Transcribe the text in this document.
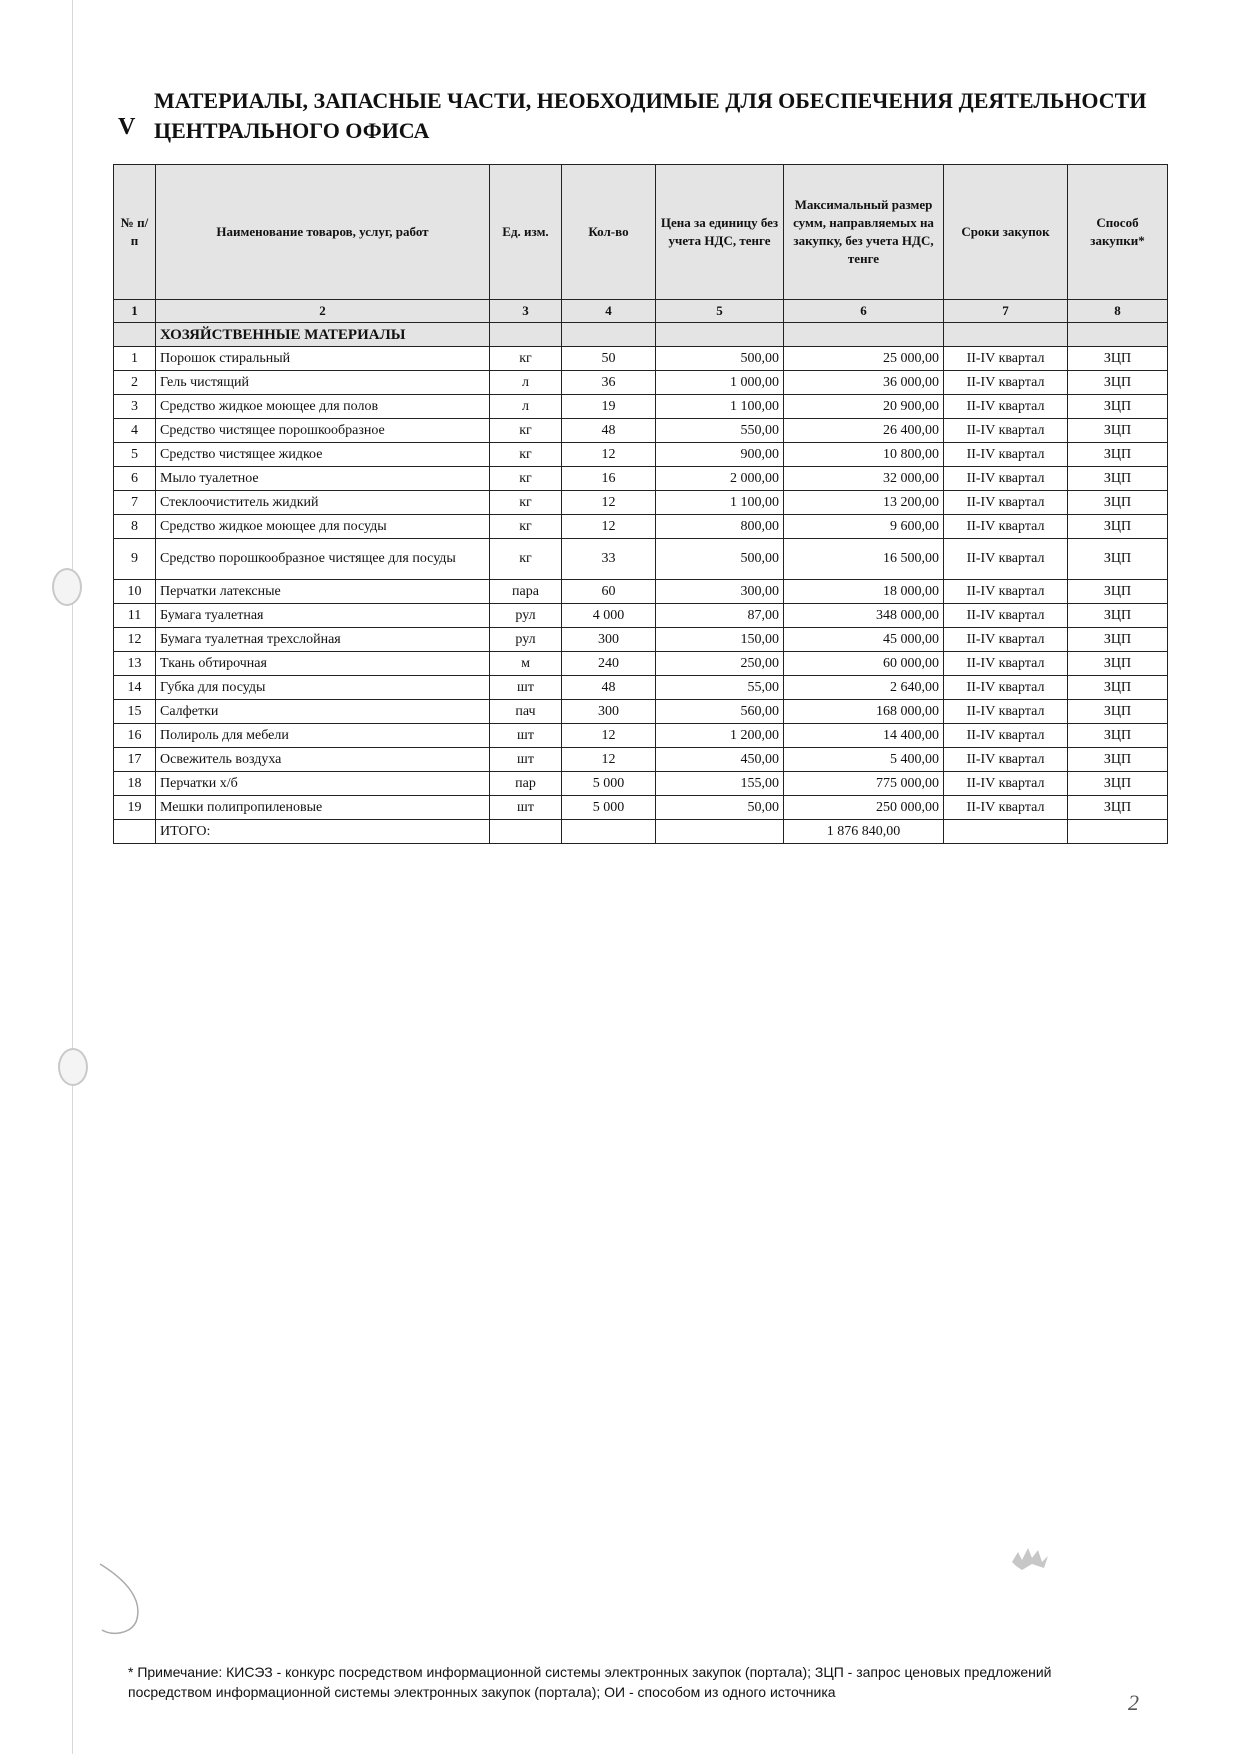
V
МАТЕРИАЛЫ, ЗАПАСНЫЕ ЧАСТИ, НЕОБХОДИМЫЕ ДЛЯ ОБЕСПЕЧЕНИЯ ДЕЯТЕЛЬНОСТИ ЦЕНТРАЛЬНОГО ОФИСА
№ п/п	Наименование товаров, услуг, работ	Ед. изм.	Кол-во	Цена за единицу без учета НДС, тенге	Максимальный размер сумм, направляемых на закупку, без учета НДС, тенге	Сроки закупок	Способ закупки*
1	2	3	4	5	6	7	8
	ХОЗЯЙСТВЕННЫЕ МАТЕРИАЛЫ						
1	Порошок стиральный	кг	50	500,00	25 000,00	II-IV квартал	ЗЦП
2	Гель чистящий	л	36	1 000,00	36 000,00	II-IV квартал	ЗЦП
3	Средство жидкое моющее для полов	л	19	1 100,00	20 900,00	II-IV квартал	ЗЦП
4	Средство чистящее порошкообразное	кг	48	550,00	26 400,00	II-IV квартал	ЗЦП
5	Средство чистящее жидкое	кг	12	900,00	10 800,00	II-IV квартал	ЗЦП
6	Мыло туалетное	кг	16	2 000,00	32 000,00	II-IV квартал	ЗЦП
7	Стеклоочиститель жидкий	кг	12	1 100,00	13 200,00	II-IV квартал	ЗЦП
8	Средство жидкое моющее для посуды	кг	12	800,00	9 600,00	II-IV квартал	ЗЦП
9	Средство порошкообразное чистящее для посуды	кг	33	500,00	16 500,00	II-IV квартал	ЗЦП
10	Перчатки латексные	пара	60	300,00	18 000,00	II-IV квартал	ЗЦП
11	Бумага туалетная	рул	4 000	87,00	348 000,00	II-IV квартал	ЗЦП
12	Бумага туалетная трехслойная	рул	300	150,00	45 000,00	II-IV квартал	ЗЦП
13	Ткань обтирочная	м	240	250,00	60 000,00	II-IV квартал	ЗЦП
14	Губка для посуды	шт	48	55,00	2 640,00	II-IV квартал	ЗЦП
15	Салфетки	пач	300	560,00	168 000,00	II-IV квартал	ЗЦП
16	Полироль для мебели	шт	12	1 200,00	14 400,00	II-IV квартал	ЗЦП
17	Освежитель воздуха	шт	12	450,00	5 400,00	II-IV квартал	ЗЦП
18	Перчатки х/б	пар	5 000	155,00	775 000,00	II-IV квартал	ЗЦП
19	Мешки полипропиленовые	шт	5 000	50,00	250 000,00	II-IV квартал	ЗЦП
	ИТОГО:				1 876 840,00		
* Примечание: КИСЭЗ - конкурс посредством информационной системы электронных закупок (портала); ЗЦП - запрос ценовых предложений посредством информационной системы электронных закупок (портала); ОИ - способом из одного источника	2
